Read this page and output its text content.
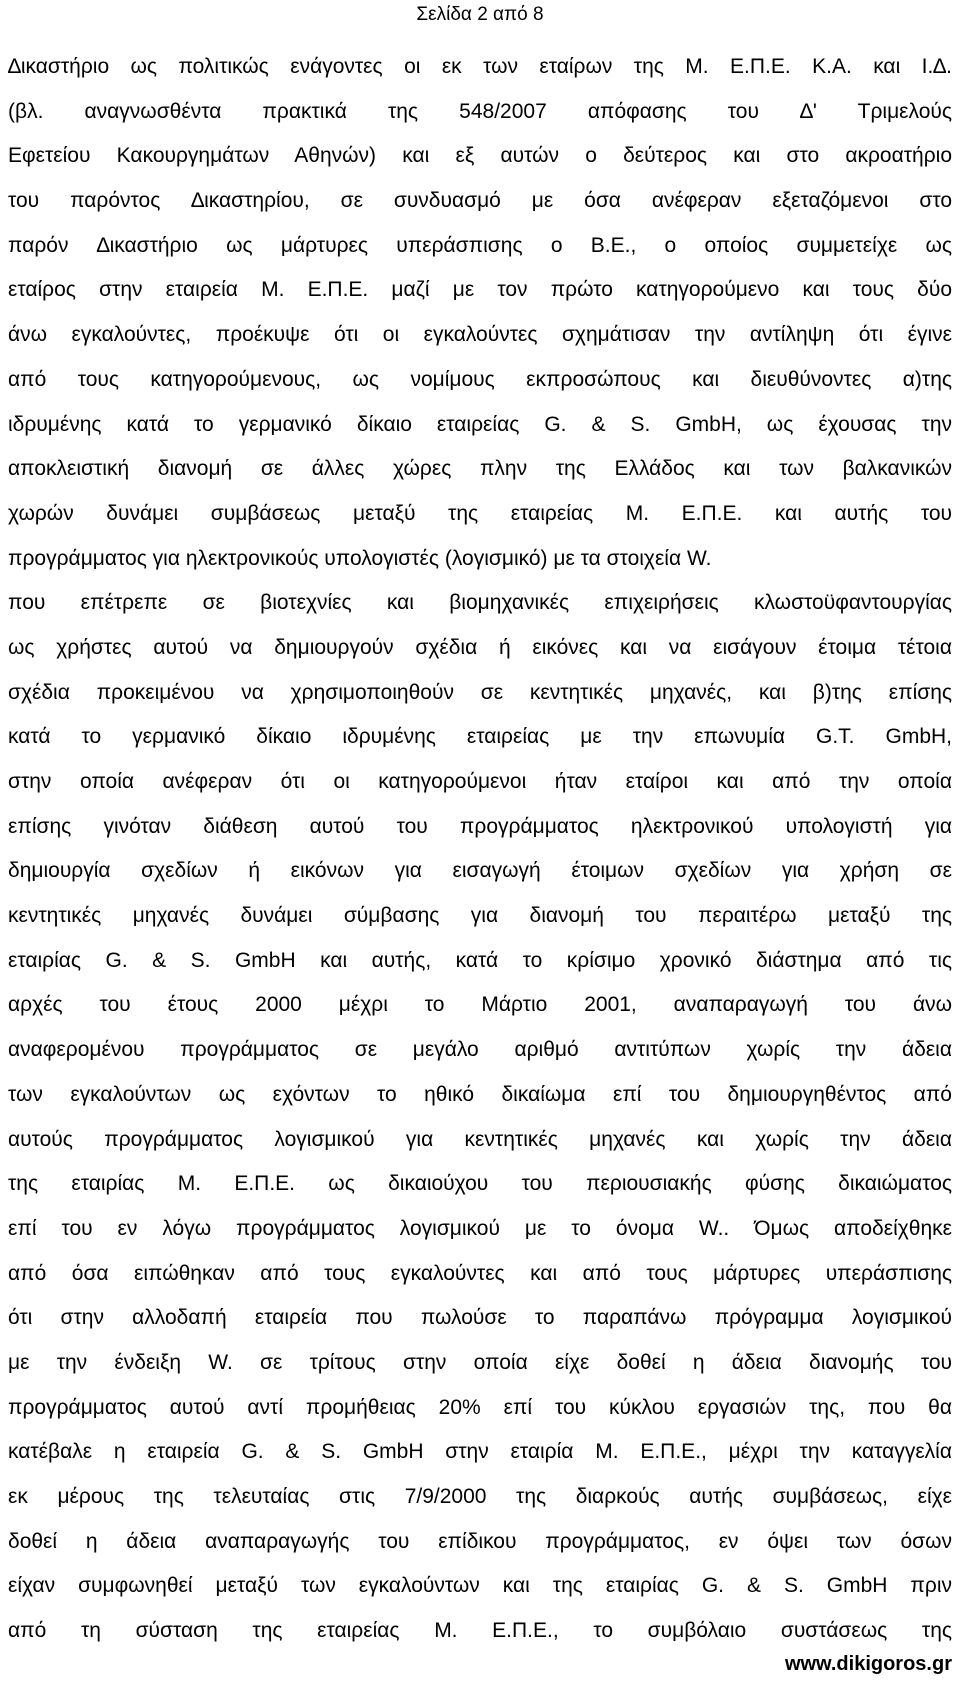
Σελίδα 2 από 8
∆ικαστήριο ως πολιτικώς ενάγοντες οι εκ των εταίρων της Μ. Ε.Π.Ε. Κ.Α. και Ι.∆.
(βλ. αναγνωσθέντα πρακτικά της 548/2007 απόφασης του ∆' Τριμελούς
Εφετείου Κακουργημάτων Αθηνών) και εξ αυτών ο δεύτερος και στο ακροατήριο
του παρόντος ∆ικαστηρίου, σε συνδυασμό με όσα ανέφεραν εξεταζόμενοι στο
παρόν ∆ικαστήριο ως μάρτυρες υπεράσπισης ο Β.Ε., ο οποίος συμμετείχε ως
εταίρος στην εταιρεία Μ. Ε.Π.Ε. μαζί με τον πρώτο κατηγορούμενο και τους δύο
άνω εγκαλούντες, προέκυψε ότι οι εγκαλούντες σχημάτισαν την αντίληψη ότι έγινε
από τους κατηγορούμενους, ως νομίμους εκπροσώπους και διευθύνοντες α)της
ιδρυμένης κατά το γερμανικό δίκαιο εταιρείας G. & S. GmbH, ως έχουσας την
αποκλειστική διανομή σε άλλες χώρες πλην της Ελλάδος και των βαλκανικών
χωρών δυνάμει συμβάσεως μεταξύ της εταιρείας Μ. Ε.Π.Ε. και αυτής του
προγράμματος για ηλεκτρονικούς υπολογιστές (λογισμικό) με τα στοιχεία W.
που επέτρεπε σε βιοτεχνίες και βιομηχανικές επιχειρήσεις κλωστοϋφαντουργίας
ως χρήστες αυτού να δημιουργούν σχέδια ή εικόνες και να εισάγουν έτοιμα τέτοια
σχέδια προκειμένου να χρησιμοποιηθούν σε κεντητικές μηχανές, και β)της επίσης
κατά το γερμανικό δίκαιο ιδρυμένης εταιρείας με την επωνυμία G.T. GmbH,
στην οποία ανέφεραν ότι οι κατηγορούμενοι ήταν εταίροι και από την οποία
επίσης γινόταν διάθεση αυτού του προγράμματος ηλεκτρονικού υπολογιστή για
δημιουργία σχεδίων ή εικόνων για εισαγωγή έτοιμων σχεδίων για χρήση σε
κεντητικές μηχανές δυνάμει σύμβασης για διανομή του περαιτέρω μεταξύ της
εταιρίας G. & S. GmbH και αυτής, κατά το κρίσιμο χρονικό διάστημα από τις
αρχές του έτους 2000 μέχρι το Μάρτιο 2001, αναπαραγωγή του άνω
αναφερομένου προγράμματος σε μεγάλο αριθμό αντιτύπων χωρίς την άδεια
των εγκαλούντων ως εχόντων το ηθικό δικαίωμα επί του δημιουργηθέντος από
αυτούς προγράμματος λογισμικού για κεντητικές μηχανές και χωρίς την άδεια
της εταιρίας Μ. Ε.Π.Ε. ως δικαιούχου του περιουσιακής φύσης δικαιώματος
επί του εν λόγω προγράμματος λογισμικού με το όνομα W.. Όμως αποδείχθηκε
από όσα ειπώθηκαν από τους εγκαλούντες και από τους μάρτυρες υπεράσπισης
ότι στην αλλοδαπή εταιρεία που πωλούσε το παραπάνω πρόγραμμα λογισμικού
με την ένδειξη W. σε τρίτους στην οποία είχε δοθεί η άδεια διανομής του
προγράμματος αυτού αντί προμήθειας 20% επί του κύκλου εργασιών της, που θα
κατέβαλε η εταιρεία G. & S. GmbH στην εταιρία Μ. Ε.Π.Ε., μέχρι την καταγγελία
εκ μέρους της τελευταίας στις 7/9/2000 της διαρκούς αυτής συμβάσεως, είχε
δοθεί η άδεια αναπαραγωγής του επίδικου προγράμματος, εν όψει των όσων
είχαν συμφωνηθεί μεταξύ των εγκαλούντων και της εταιρίας G. & S. GmbH πριν
από τη σύσταση της εταιρείας Μ. Ε.Π.Ε., το συμβόλαιο συστάσεως της
www.dikigoros.gr
